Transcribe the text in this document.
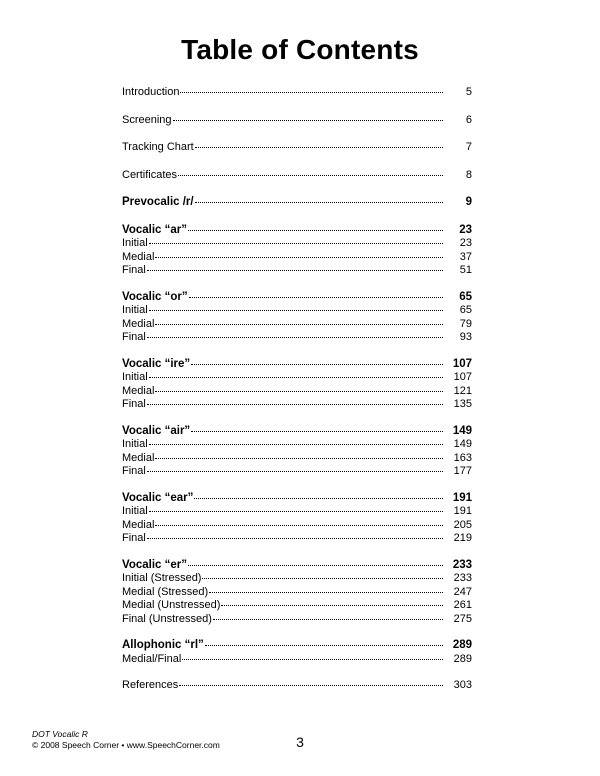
Table of Contents
Introduction	5
Screening	6
Tracking Chart	7
Certificates	8
Prevocalic /r/	9
Vocalic “ar”	23
Initial	23
Medial	37
Final	51
Vocalic “or”	65
Initial	65
Medial	79
Final	93
Vocalic “ire”	107
Initial	107
Medial	121
Final	135
Vocalic “air”	149
Initial	149
Medial	163
Final	177
Vocalic “ear”	191
Initial	191
Medial	205
Final	219
Vocalic “er”	233
Initial (Stressed)	233
Medial (Stressed)	247
Medial (Unstressed)	261
Final (Unstressed)	275
Allophonic “rl”	289
Medial/Final	289
References	303
DOT Vocalic R
© 2008 Speech Corner • www.SpeechCorner.com	3
